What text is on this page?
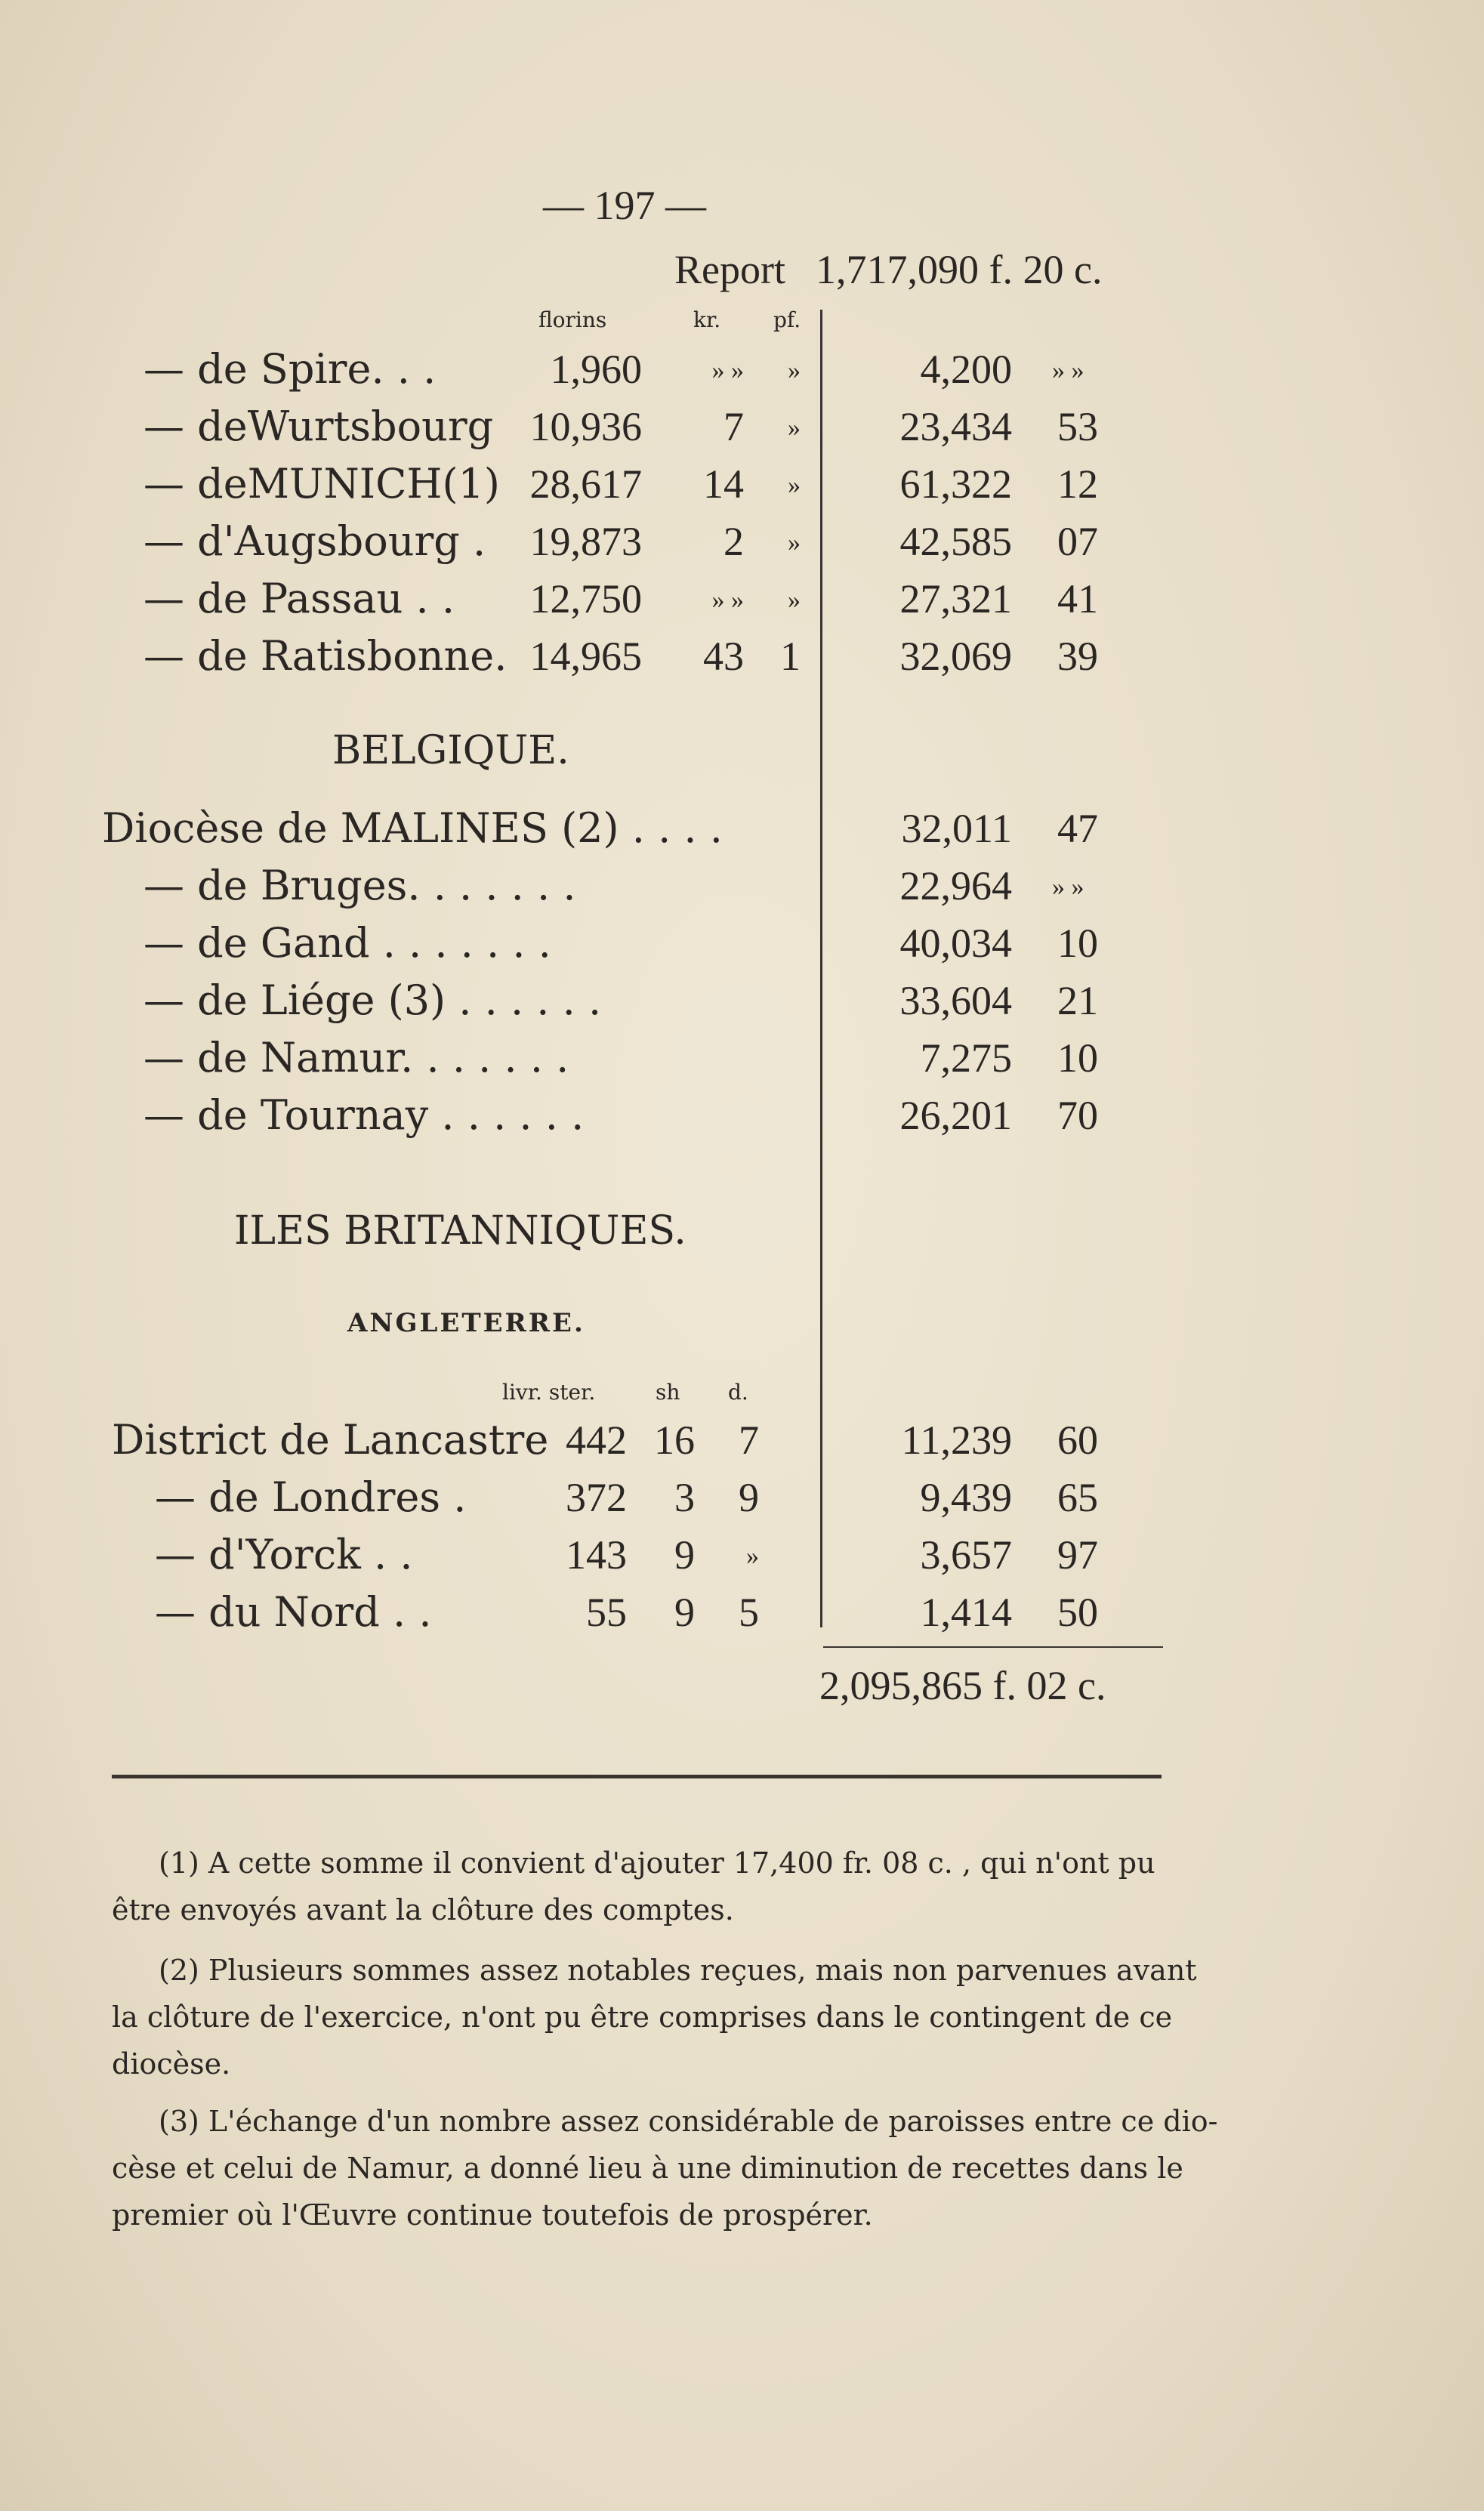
— 197 —
Report 1,717,090 f. 20 c.
florins	kr. pf.
— de Spire. . .	1,960	» »	»	4,200 » »
— deWurtsbourg 10,936	7	»	23,434 53
— deMUNICH(1) 28,617	14	»	61,322 12
— d'Augsbourg .	19,873	2	»	42,585 07
— de Passau . .	12,750	» »	»	27,321 41
— de Ratisbonne. 14,965	43 1	32,069 39
BELGIQUE.
Diocèse de MALINES (2) . . . .	32,011 47
— de Bruges. . . . . . .	22,964 » »
— de Gand . . . . . . .	40,034 10
— de Liége (3) . . . . . .	33,604 21
— de Namur. . . . . . .	7,275 10
— de Tournay . . . . . .	26,201 70
ILES BRITANNIQUES.
ANGLETERRE.
livr. ster.	sh d.
District de Lancastre 442 16	7	11,239 60
— de Londres .	372	3	9	9,439 65
— d'Yorck . .	143	9	»	3,657 97
— du Nord . .	55	9	5	1,414 50
2,095,865 f. 02 c.
(1) A cette somme il convient d'ajouter 17,400 fr. 08 c. , qui n'ont pu
être envoyés avant la clôture des comptes.
(2) Plusieurs sommes assez notables reçues, mais non parvenues avant
la clôture de l'exercice, n'ont pu être comprises dans le contingent de ce
diocèse.
(3) L'échange d'un nombre assez considérable de paroisses entre ce dio-
cèse et celui de Namur, a donné lieu à une diminution de recettes dans le
premier où l'Œuvre continue toutefois de prospérer.
